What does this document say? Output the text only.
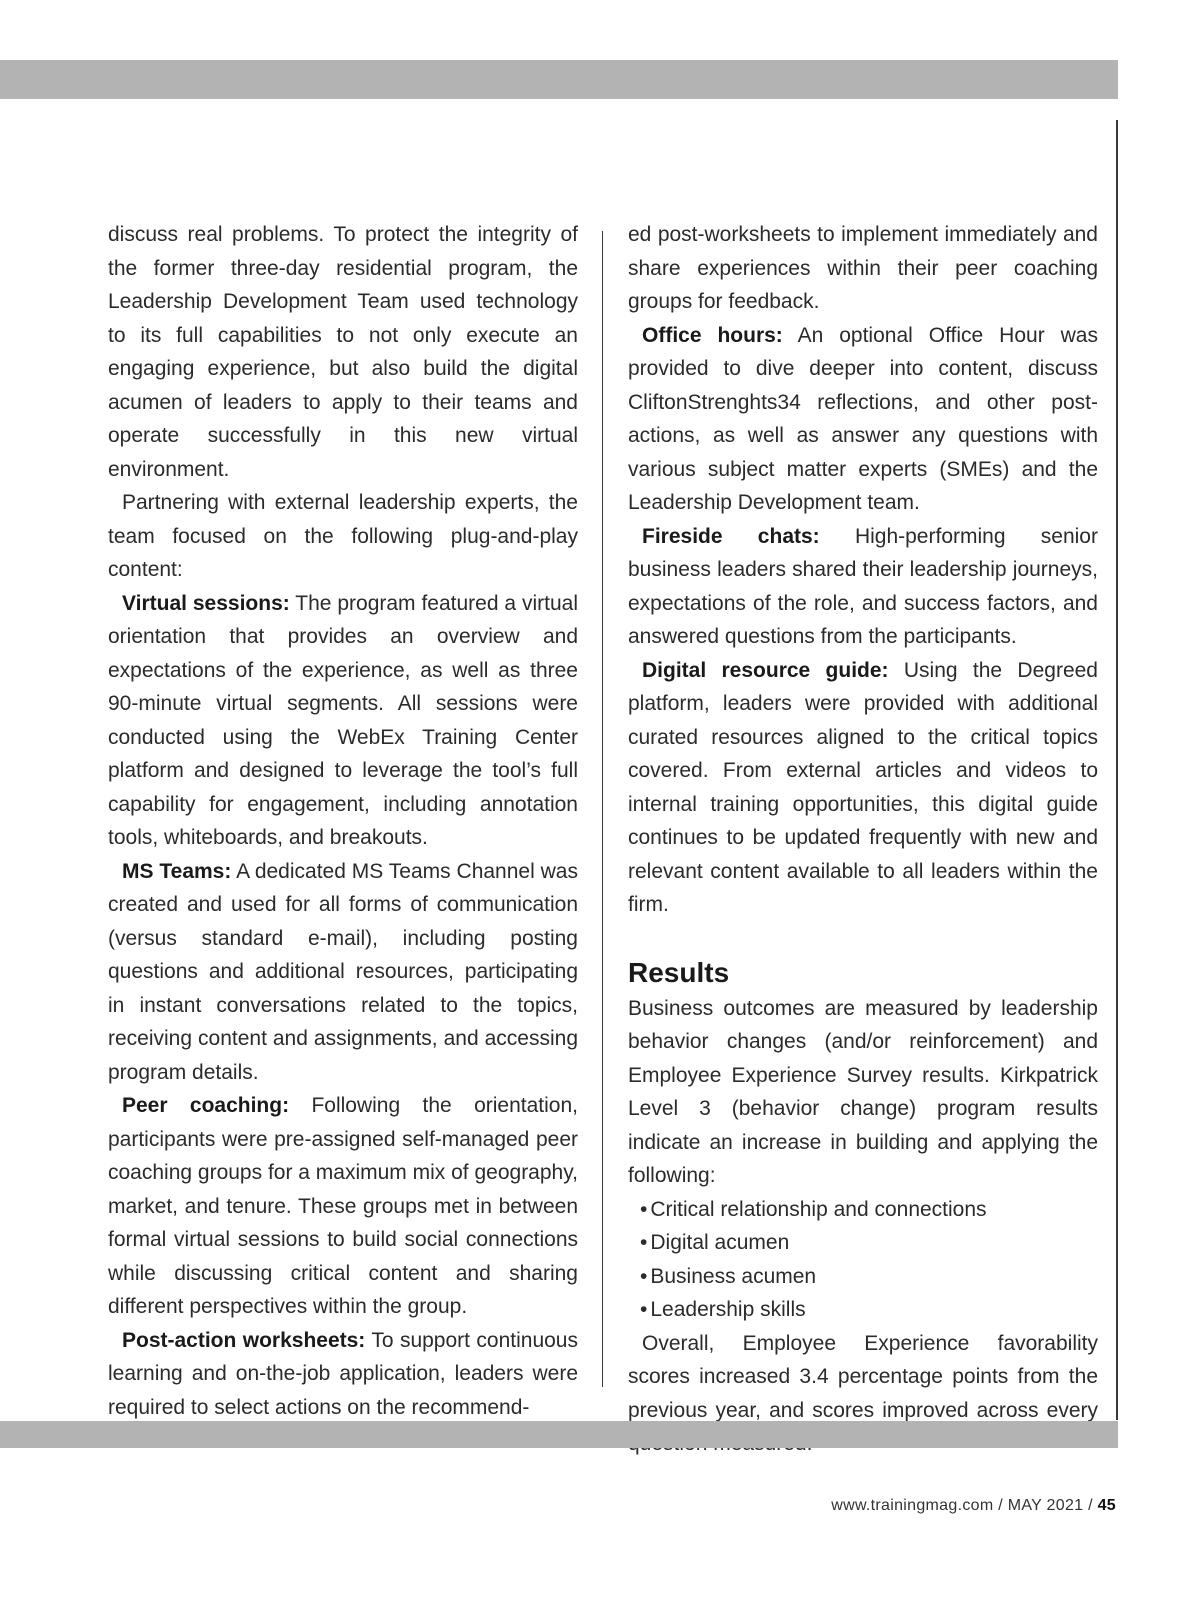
discuss real problems. To protect the integrity of the former three-day residential program, the Leadership Development Team used technology to its full capabilities to not only execute an engaging experience, but also build the digital acumen of leaders to apply to their teams and operate successfully in this new virtual environment.

Partnering with external leadership experts, the team focused on the following plug-and-play content:

Virtual sessions: The program featured a virtual orientation that provides an overview and expectations of the experience, as well as three 90-minute virtual segments. All sessions were conducted using the WebEx Training Center platform and designed to leverage the tool’s full capability for engagement, including annotation tools, whiteboards, and breakouts.

MS Teams: A dedicated MS Teams Channel was created and used for all forms of communication (versus standard e-mail), including posting questions and additional resources, participating in instant conversations related to the topics, receiving content and assignments, and accessing program details.

Peer coaching: Following the orientation, participants were pre-assigned self-managed peer coaching groups for a maximum mix of geography, market, and tenure. These groups met in between formal virtual sessions to build social connections while discussing critical content and sharing different perspectives within the group.

Post-action worksheets: To support continuous learning and on-the-job application, leaders were required to select actions on the recommend-

ed post-worksheets to implement immediately and share experiences within their peer coaching groups for feedback.

Office hours: An optional Office Hour was provided to dive deeper into content, discuss CliftonStrenghts34 reflections, and other post-actions, as well as answer any questions with various subject matter experts (SMEs) and the Leadership Development team.

Fireside chats: High-performing senior business leaders shared their leadership journeys, expectations of the role, and success factors, and answered questions from the participants.

Digital resource guide: Using the Degreed platform, leaders were provided with additional curated resources aligned to the critical topics covered. From external articles and videos to internal training opportunities, this digital guide continues to be updated frequently with new and relevant content available to all leaders within the firm.

Results

Business outcomes are measured by leadership behavior changes (and/or reinforcement) and Employee Experience Survey results. Kirkpatrick Level 3 (behavior change) program results indicate an increase in building and applying the following:

• Critical relationship and connections
• Digital acumen
• Business acumen
• Leadership skills

Overall, Employee Experience favorability scores increased 3.4 percentage points from the previous year, and scores improved across every

www.trainingmag.com / MAY 2021 / 45
